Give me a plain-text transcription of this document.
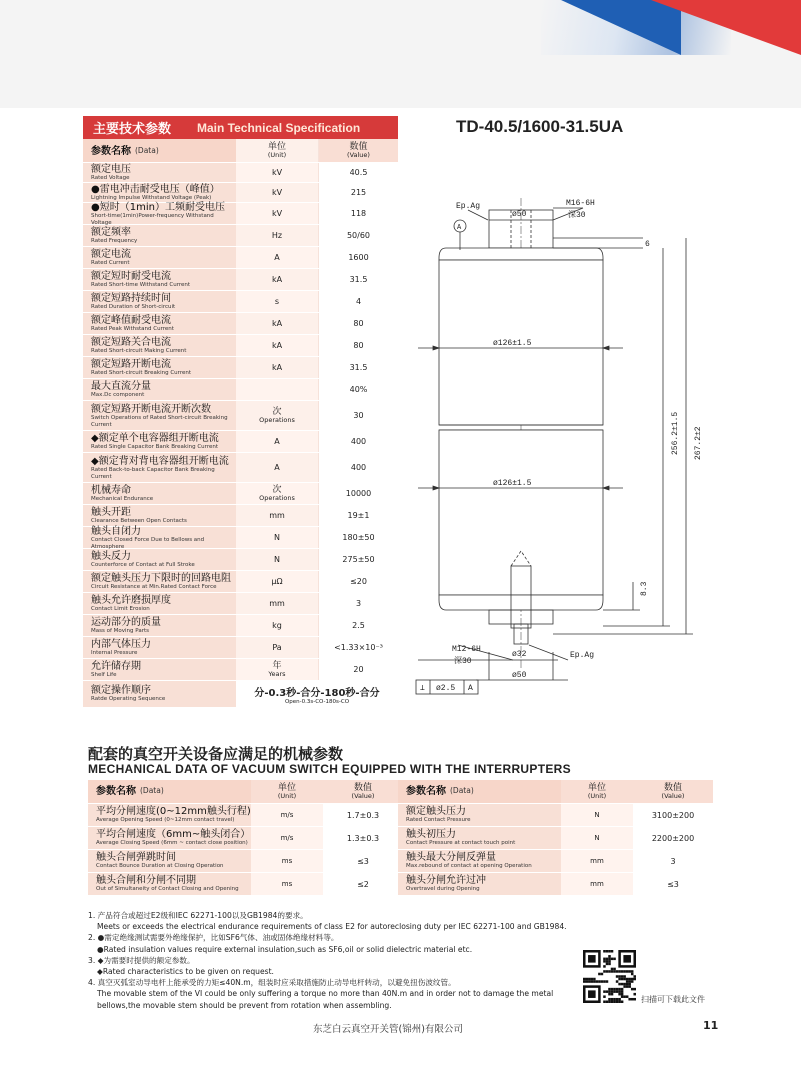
TD-40.5/1600-31.5UA
主要技术参数	Main Technical Specification
参数名称 (Data)	单位
(Unit)
数值
(Value)
额定电压
Rated Voltage
kV	40.5
●雷电冲击耐受电压（峰值）
Lightning Impulse Withstand Voltage (Peak)
kV	215
●短时（1min）工频耐受电压
Short-time(1min)Power-frequency Withstand Voltage
kV	118
额定频率
Rated Frequency
Hz	50/60
额定电流
Rated Current
A	1600
额定短时耐受电流
Rated Short-time Withstand Current
kA	31.5
额定短路持续时间
Rated Duration of Short-circuit
s	4
额定峰值耐受电流
Rated Peak Withstand Current
kA	80
额定短路关合电流
Rated Short-circuit Making Current
kA	80
额定短路开断电流
Rated Short-circuit Breaking Current
kA	31.5
最大直流分量
Max.Dc component
40%
额定短路开断电流开断次数
Switch Operations of Rated Short-circuit Breaking Current
次
Operations	30
◆额定单个电容器组开断电流
Rated Single Capacitor Bank Breaking Current
A	400
◆额定背对背电容器组开断电流
Rated Back-to-back Capacitor Bank Breaking Current
A	400
机械寿命
Mechanical Endurance
次
Operations	10000
触头开距
Clearance Between Open Contacts
mm	19±1
触头自闭力
Contact Closed Force Due to Bellows and Atmosphere
N	180±50
触头反力
Counterforce of Contact at Full Stroke
N	275±50
额定触头压力下限时的回路电阻
Circuit Resistance at Min.Rated Contact Force
μΩ	≤20
触头允许磨损厚度
Contact Limit Erosion
mm	3
运动部分的质量
Mass of Moving Parts
kg	2.5
内部气体压力
Internal Pressure
Pa	<1.33×10⁻³
允许储存期
Shelf Life
年
Years	20
额定操作顺序
Ratde Operating Sequence
分-0.3秒-合分-180秒-合分
Open-0.3s-CO-180s-CO
Ep.Ag
ø50
M16-6H
深30
A
6
ø126±1.5
ø126±1.5
256.2±1.5 267.2±2
8.3
M12-6H
深30
ø32	Ep.Ag
ø50
⊥ ø2.5 A
配套的真空开关设备应满足的机械参数
MECHANICAL DATA OF VACUUM SWITCH EQUIPPED WITH THE INTERRUPTERS
参数名称 (Data)	单位
(Unit)
数值
(Value)
平均分闸速度(0~12mm触头行程)
Average Opening Speed (0~12mm contact travel)
m/s	1.7±0.3
平均合闸速度（6mm~触头闭合）
Average Closing Speed (6mm ~ contact close position)
m/s	1.3±0.3
触头合闸弹跳时间
Contact Bounce Duration at Closing Operation
ms	≤3
触头合闸和分闸不同期
Out of Simultaneity of Contact Closing and Opening
ms	≤2
参数名称 (Data)	单位
(Unit)
数值
(Value)
额定触头压力
Rated Contact Pressure
N	3100±200
触头初压力
Contact Pressure at contact touch point
N	2200±200
触头最大分闸反弹量
Max.rebound of contact at opening Operation
mm	3
触头分闸允许过冲
Overtravel during Opening
mm	≤3

1. 产品符合或超过E2级和IEC 62271-100以及GB1984的要求。

Meets or exceeds the electrical endurance requirements of class E2 for autoreclosing duty per IEC 62271-100 and GB1984.

2. ●需定绝缘测试需要外绝缘保护，比如SF6气体、油或固体绝缘材料等。

●Rated insulation values require external insulation,such as SF6,oil or solid dielectric material etc.

3. ◆为需要时提供的额定参数。

◆Rated characteristics to be given on request.

4. 真空灭弧室动导电杆上能承受的力矩≤40N.m，组装时应采取措施防止动导电杆转动，以避免扭伤波纹管。

The movable stem of the VI could be only suffering a torque no more than 40N.m and in order not to damage the metal

bellows,the movable stem should be prevent from rotation when assembling.

扫描可下载此文件
东芝白云真空开关管(锦州)有限公司	11
